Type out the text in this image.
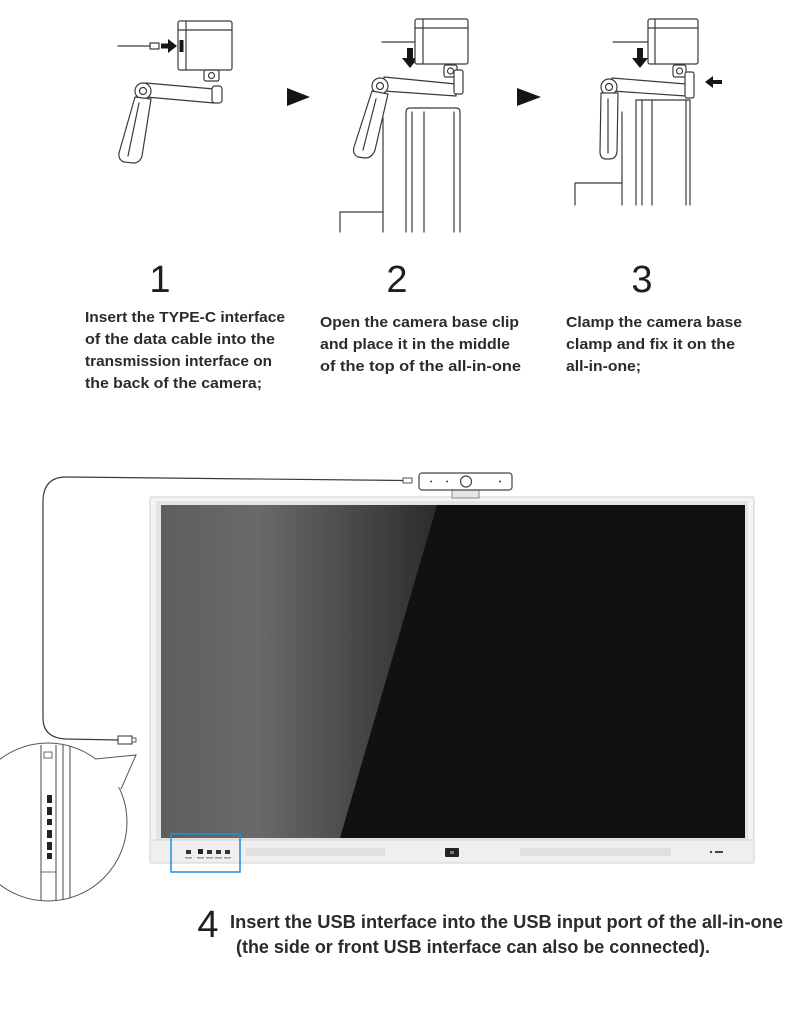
1	2	3
Insert the TYPE-C interface
of the data cable into the
transmission interface on
the back of the camera;
Open the camera base clip
and place it in the middle
of the top of the all-in-one
Clamp the camera base
clamp and fix it on the
all-in-one;
4 Insert the USB interface into the USB input port of the all-in-one
(the side or front USB interface can also be connected).
